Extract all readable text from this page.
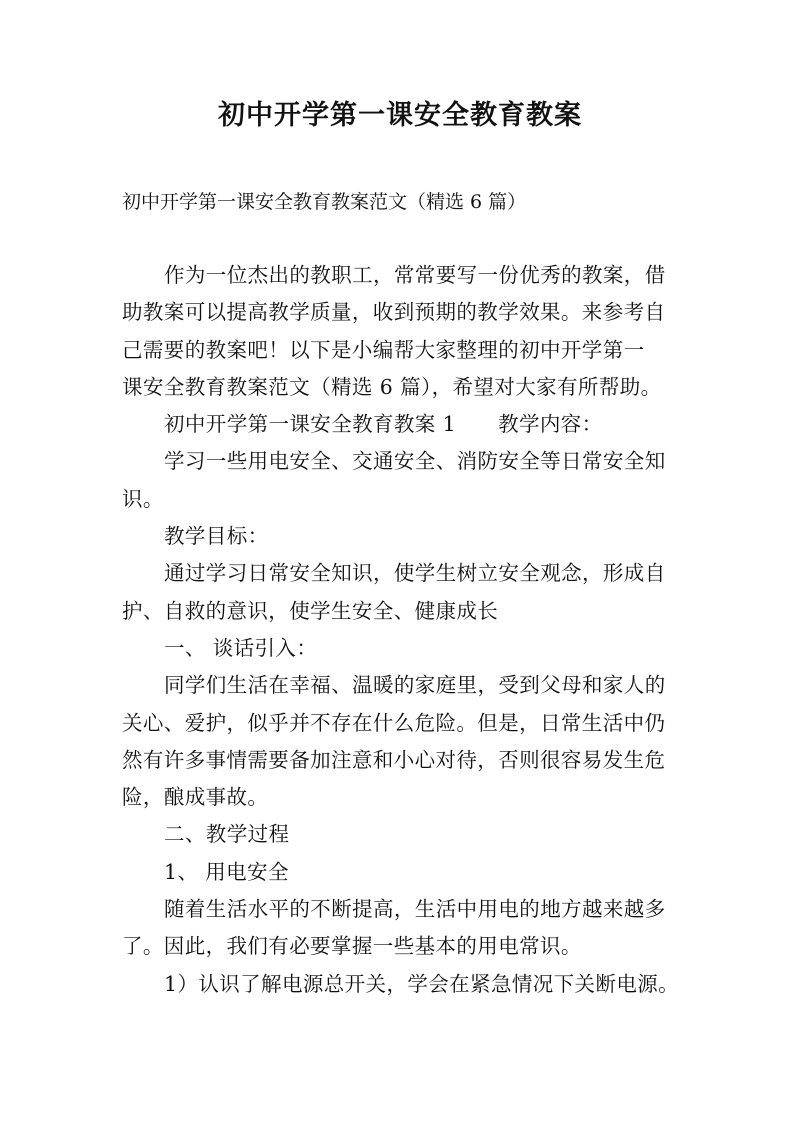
初中开学第一课安全教育教案

初中开学第一课安全教育教案范文（精选 6 篇）

作为一位杰出的教职工，常常要写一份优秀的教案，借

助教案可以提高教学质量，收到预期的教学效果。来参考自

己需要的教案吧！以下是小编帮大家整理的初中开学第一

课安全教育教案范文（精选 6 篇），希望对大家有所帮助。

初中开学第一课安全教育教案 1 教学内容：

学习一些用电安全、交通安全、消防安全等日常安全知

识。

教学目标：

通过学习日常安全知识，使学生树立安全观念，形成自

护、自救的意识，使学生安全、健康成长

一、 谈话引入：

同学们生活在幸福、温暖的家庭里，受到父母和家人的

关心、爱护，似乎并不存在什么危险。但是，日常生活中仍

然有许多事情需要备加注意和小心对待，否则很容易发生危

险，酿成事故。

二、教学过程

1、 用电安全

随着生活水平的不断提高，生活中用电的地方越来越多

了。因此，我们有必要掌握一些基本的用电常识。

1）认识了解电源总开关，学会在紧急情况下关断电源。
